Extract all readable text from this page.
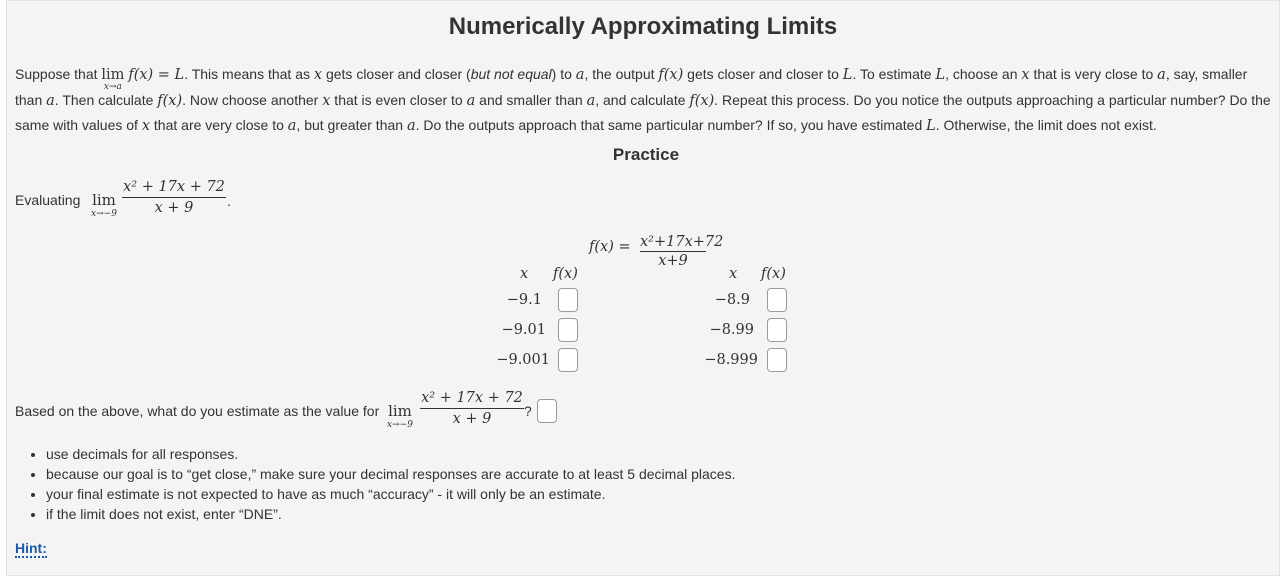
Numerically Approximating Limits
Suppose that lim
x→a
f(x) = L. This means that as x gets closer and closer (but not equal) to a, the output f(x) gets closer and closer to L. To estimate L, choose an x that is very close to a, say, smaller than a. Then calculate f(x). Now choose another x that is even closer to a and smaller than a, and calculate f(x). Repeat this process. Do you notice the outputs approaching a particular number? Do the same with values of x that are very close to a, but greater than a. Do the outputs approach that same particular number? If so, you have estimated L. Otherwise, the limit does not exist.
Practice
Evaluating lim
x→−9
x² + 17x + 72
x + 9	.
f(x) = x²+17x+72
x+9
x f(x)
−9.1
−9.01
−9.001
x f(x)
−8.9
−8.99
−8.999
Based on the above, what do you estimate as the value for lim
x→−9
x² + 17x + 72
x + 9	?
• use decimals for all responses.
• because our goal is to “get close,” make sure your decimal responses are accurate to at least 5 decimal places.
• your final estimate is not expected to have as much “accuracy” - it will only be an estimate.
• if the limit does not exist, enter “DNE”.
Hint:
